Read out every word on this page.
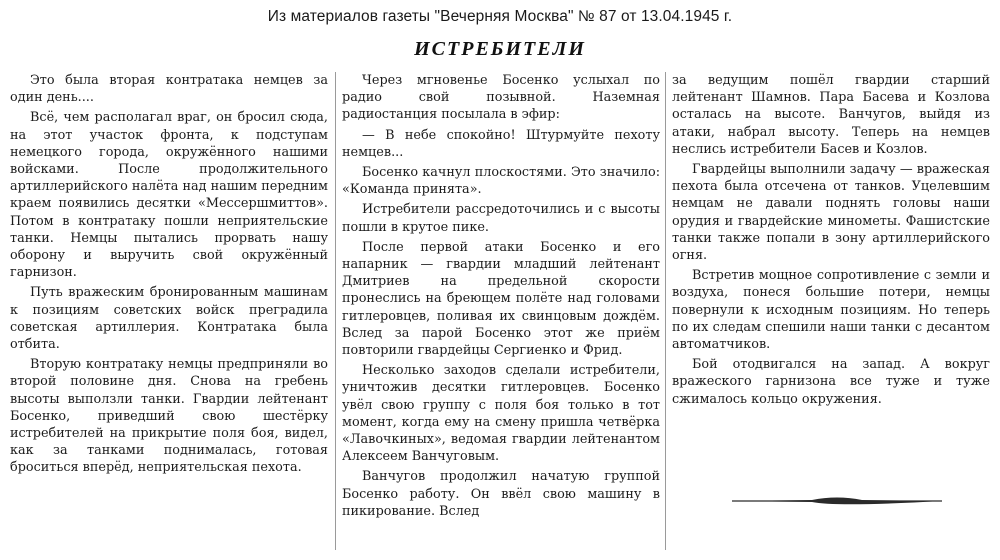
Из материалов газеты "Вечерняя Москва" № 87 от 13.04.1945 г.
ИСТРЕБИТЕЛИ

Это была вторая контратака немцев за один день....

Всё, чем располагал враг, он бросил сюда, на этот участок фронта, к подступам немецкого города, окружённого нашими войсками. После продолжительного артиллерийского налёта над нашим передним краем появились десятки «Мессершмиттов». Потом в контратаку пошли неприятельские танки. Немцы пытались прорвать нашу оборону и выручить свой окружённый гарнизон.

Путь вражеским бронированным машинам к позициям советских войск преградила советская артиллерия. Контратака была отбита.

Вторую контратаку немцы предприняли во второй половине дня. Снова на гребень высоты выползли танки. Гвардии лейтенант Босенко, приведший свою шестёрку истребителей на прикрытие поля боя, видел, как за танками поднималась, готовая броситься вперёд, неприятельская пехота.

Через мгновенье Босенко услыхал по радио свой позывной. Наземная радиостанция посылала в эфир:

— В небе спокойно! Штурмуйте пехоту немцев...

Босенко качнул плоскостями. Это значило: «Команда принята».

Истребители рассредоточились и с высоты пошли в крутое пике.

После первой атаки Босенко и его напарник — гвардии младший лейтенант Дмитриев на предельной скорости пронеслись на бреющем полёте над головами гитлеровцев, поливая их свинцовым дождём. Вслед за парой Босенко этот же приём повторили гвардейцы Сергиенко и Фрид.

Несколько заходов сделали истребители, уничтожив десятки гитлеровцев. Босенко увёл свою группу с поля боя только в тот момент, когда ему на смену пришла четвёрка «Лавочкиных», ведомая гвардии лейтенантом Алексеем Ванчуговым.

Ванчугов продолжил начатую группой Босенко работу. Он ввёл свою машину в пикирование. Вслед

за ведущим пошёл гвардии старший лейтенант Шамнов. Пара Басева и Козлова осталась на высоте. Ванчугов, выйдя из атаки, набрал высоту. Теперь на немцев неслись истребители Басев и Козлов.

Гвардейцы выполнили задачу — вражеская пехота была отсечена от танков. Уцелевшим немцам не давали поднять головы наши орудия и гвардейские минометы. Фашистские танки также попали в зону артиллерийского огня.

Встретив мощное сопротивление с земли и воздуха, понеся большие потери, немцы повернули к исходным позициям. Но теперь по их следам спешили наши танки с десантом автоматчиков.

Бой отодвигался на запад. А вокруг вражеского гарнизона все туже и туже сжималось кольцо окружения.
